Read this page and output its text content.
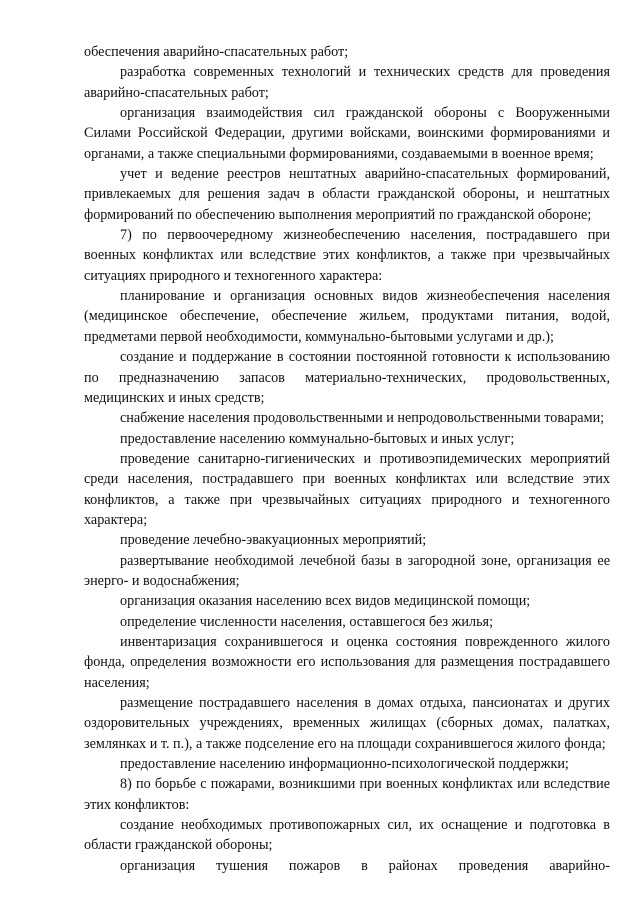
обеспечения аварийно-спасательных работ;

разработка современных технологий и технических средств для проведения аварийно-спасательных работ;

организация взаимодействия сил гражданской обороны с Вооруженными Силами Российской Федерации, другими войсками, воинскими формированиями и органами, а также специальными формированиями, создаваемыми в военное время;

учет и ведение реестров нештатных аварийно-спасательных формирований, привлекаемых для решения задач в области гражданской обороны, и нештатных формирований по обеспечению выполнения мероприятий по гражданской обороне;

7) по первоочередному жизнеобеспечению населения, пострадавшего при военных конфликтах или вследствие этих конфликтов, а также при чрезвычайных ситуациях природного и техногенного характера:

планирование и организация основных видов жизнеобеспечения населения (медицинское обеспечение, обеспечение жильем, продуктами питания, водой, предметами первой необходимости, коммунально-бытовыми услугами и др.);

создание и поддержание в состоянии постоянной готовности к использованию по предназначению запасов материально-технических, продовольственных, медицинских и иных средств;

снабжение населения продовольственными и непродовольственными товарами;

предоставление населению коммунально-бытовых и иных услуг;

проведение санитарно-гигиенических и противоэпидемических мероприятий среди населения, пострадавшего при военных конфликтах или вследствие этих конфликтов, а также при чрезвычайных ситуациях природного и техногенного характера;

проведение лечебно-эвакуационных мероприятий;

развертывание необходимой лечебной базы в загородной зоне, организация ее энерго- и водоснабжения;

организация оказания населению всех видов медицинской помощи;

определение численности населения, оставшегося без жилья;

инвентаризация сохранившегося и оценка состояния поврежденного жилого фонда, определения возможности его использования для размещения пострадавшего населения;

размещение пострадавшего населения в домах отдыха, пансионатах и других оздоровительных учреждениях, временных жилищах (сборных домах, палатках, землянках и т. п.), а также подселение его на площади сохранившегося жилого фонда;

предоставление населению информационно-психологической поддержки;

8) по борьбе с пожарами, возникшими при военных конфликтах или вследствие этих конфликтов:

создание необходимых противопожарных сил, их оснащение и подготовка в области гражданской обороны;

организация тушения пожаров в районах проведения аварийно-
